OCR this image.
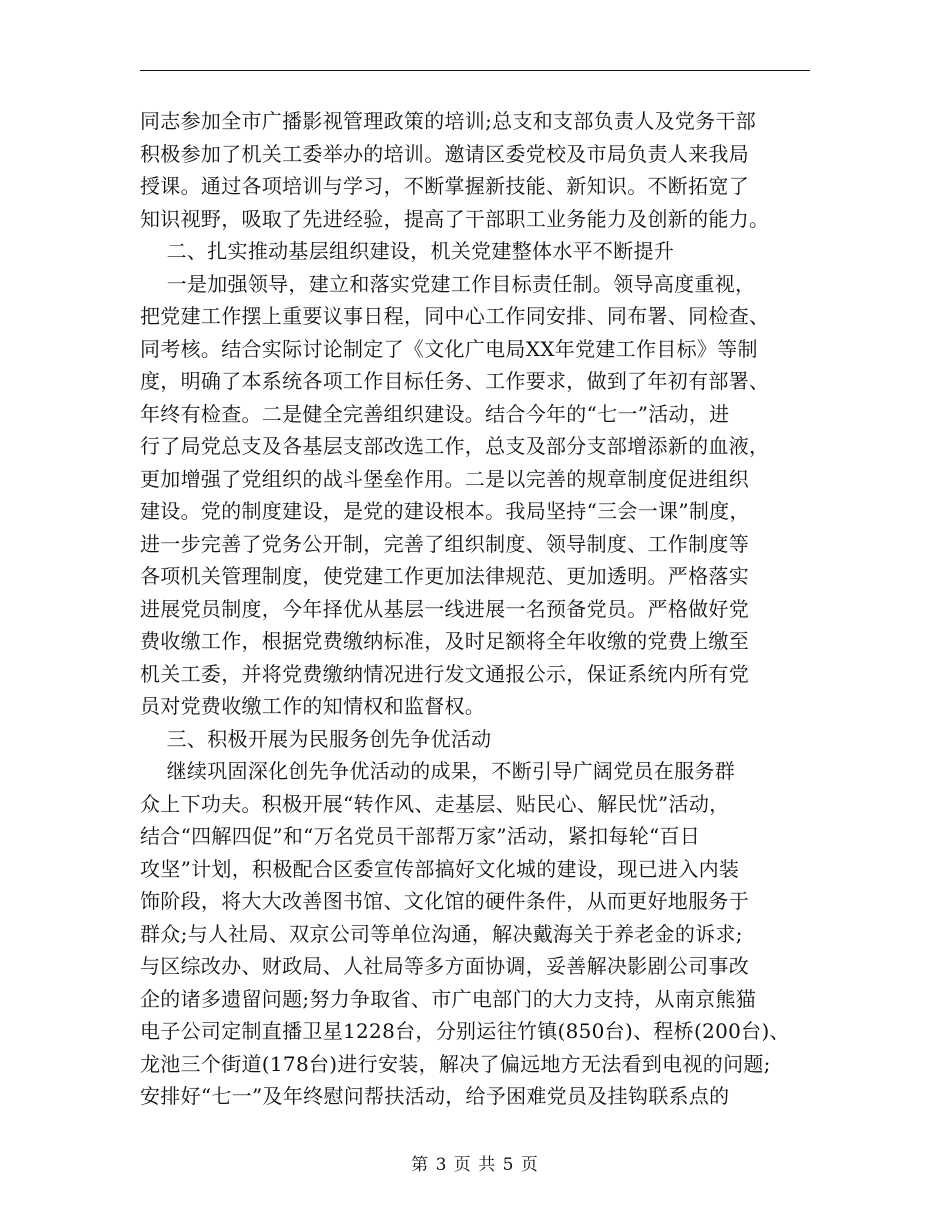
同志参加全市广播影视管理政策的培训;总支和支部负责人及党务干部
积极参加了机关工委举办的培训。邀请区委党校及市局负责人来我局
授课。通过各项培训与学习，不断掌握新技能、新知识。不断拓宽了
知识视野，吸取了先进经验，提高了干部职工业务能力及创新的能力。
二、扎实推动基层组织建设，机关党建整体水平不断提升
一是加强领导，建立和落实党建工作目标责任制。领导高度重视，
把党建工作摆上重要议事日程，同中心工作同安排、同布署、同检查、
同考核。结合实际讨论制定了《文化广电局XX年党建工作目标》等制
度，明确了本系统各项工作目标任务、工作要求，做到了年初有部署、
年终有检查。二是健全完善组织建设。结合今年的“七一”活动，进
行了局党总支及各基层支部改选工作，总支及部分支部增添新的血液，
更加增强了党组织的战斗堡垒作用。二是以完善的规章制度促进组织
建设。党的制度建设，是党的建设根本。我局坚持“三会一课”制度，
进一步完善了党务公开制，完善了组织制度、领导制度、工作制度等
各项机关管理制度，使党建工作更加法律规范、更加透明。严格落实
进展党员制度，今年择优从基层一线进展一名预备党员。严格做好党
费收缴工作，根据党费缴纳标准，及时足额将全年收缴的党费上缴至
机关工委，并将党费缴纳情况进行发文通报公示，保证系统内所有党
员对党费收缴工作的知情权和监督权。
三、积极开展为民服务创先争优活动
继续巩固深化创先争优活动的成果，不断引导广阔党员在服务群
众上下功夫。积极开展“转作风、走基层、贴民心、解民忧”活动，
结合“四解四促”和“万名党员干部帮万家”活动，紧扣每轮“百日
攻坚”计划，积极配合区委宣传部搞好文化城的建设，现已进入内装
饰阶段，将大大改善图书馆、文化馆的硬件条件，从而更好地服务于
群众;与人社局、双京公司等单位沟通，解决戴海关于养老金的诉求;
与区综改办、财政局、人社局等多方面协调，妥善解决影剧公司事改
企的诸多遗留问题;努力争取省、市广电部门的大力支持，从南京熊猫
电子公司定制直播卫星1228台，分别运往竹镇(850台)、程桥(200台)、
龙池三个街道(178台)进行安装，解决了偏远地方无法看到电视的问题;
安排好“七一”及年终慰问帮扶活动，给予困难党员及挂钩联系点的
第 3 页 共 5 页
